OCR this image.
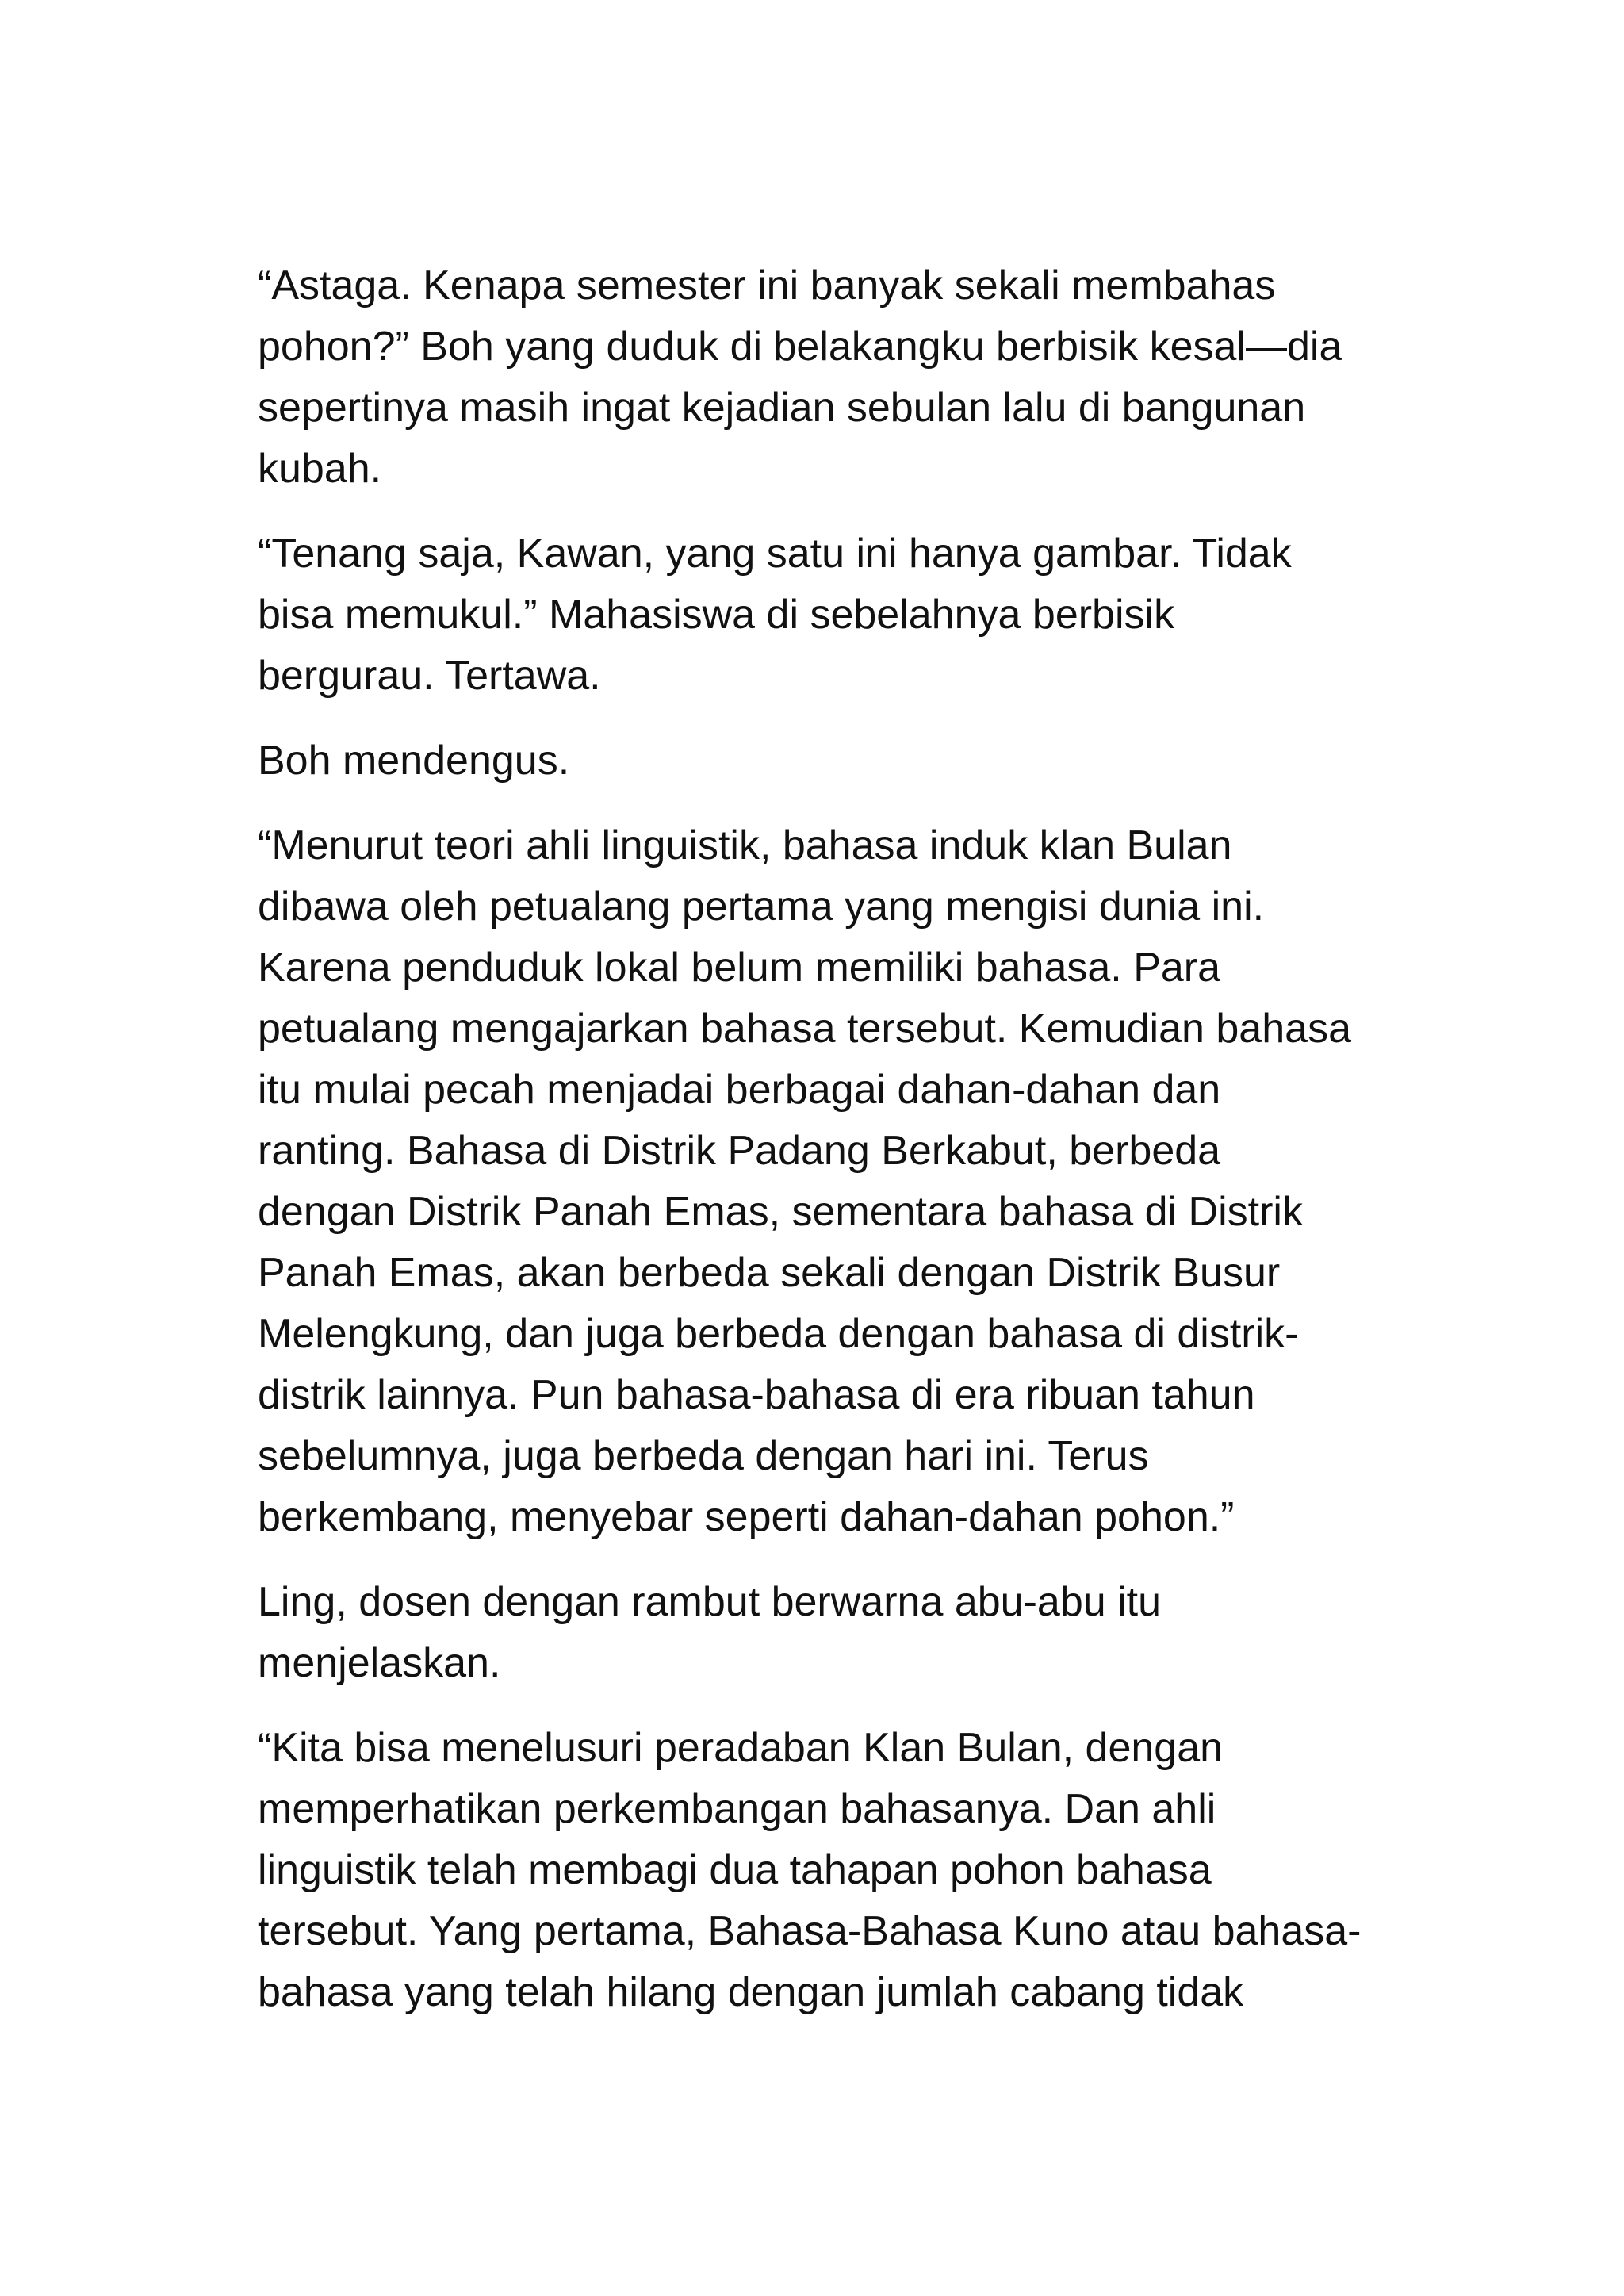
“Astaga. Kenapa semester ini banyak sekali membahas
pohon?” Boh yang duduk di belakangku berbisik kesal—dia
sepertinya masih ingat kejadian sebulan lalu di bangunan
kubah.

“Tenang saja, Kawan, yang satu ini hanya gambar. Tidak
bisa memukul.” Mahasiswa di sebelahnya berbisik
bergurau. Tertawa.

Boh mendengus.

“Menurut teori ahli linguistik, bahasa induk klan Bulan
dibawa oleh petualang pertama yang mengisi dunia ini.
Karena penduduk lokal belum memiliki bahasa. Para
petualang mengajarkan bahasa tersebut. Kemudian bahasa
itu mulai pecah menjadai berbagai dahan-dahan dan
ranting. Bahasa di Distrik Padang Berkabut, berbeda
dengan Distrik Panah Emas, sementara bahasa di Distrik
Panah Emas, akan berbeda sekali dengan Distrik Busur
Melengkung, dan juga berbeda dengan bahasa di distrik-
distrik lainnya. Pun bahasa-bahasa di era ribuan tahun
sebelumnya, juga berbeda dengan hari ini. Terus
berkembang, menyebar seperti dahan-dahan pohon.”

Ling, dosen dengan rambut berwarna abu-abu itu
menjelaskan.

“Kita bisa menelusuri peradaban Klan Bulan, dengan
memperhatikan perkembangan bahasanya. Dan ahli
linguistik telah membagi dua tahapan pohon bahasa
tersebut. Yang pertama, Bahasa-Bahasa Kuno atau bahasa-
bahasa yang telah hilang dengan jumlah cabang tidak
